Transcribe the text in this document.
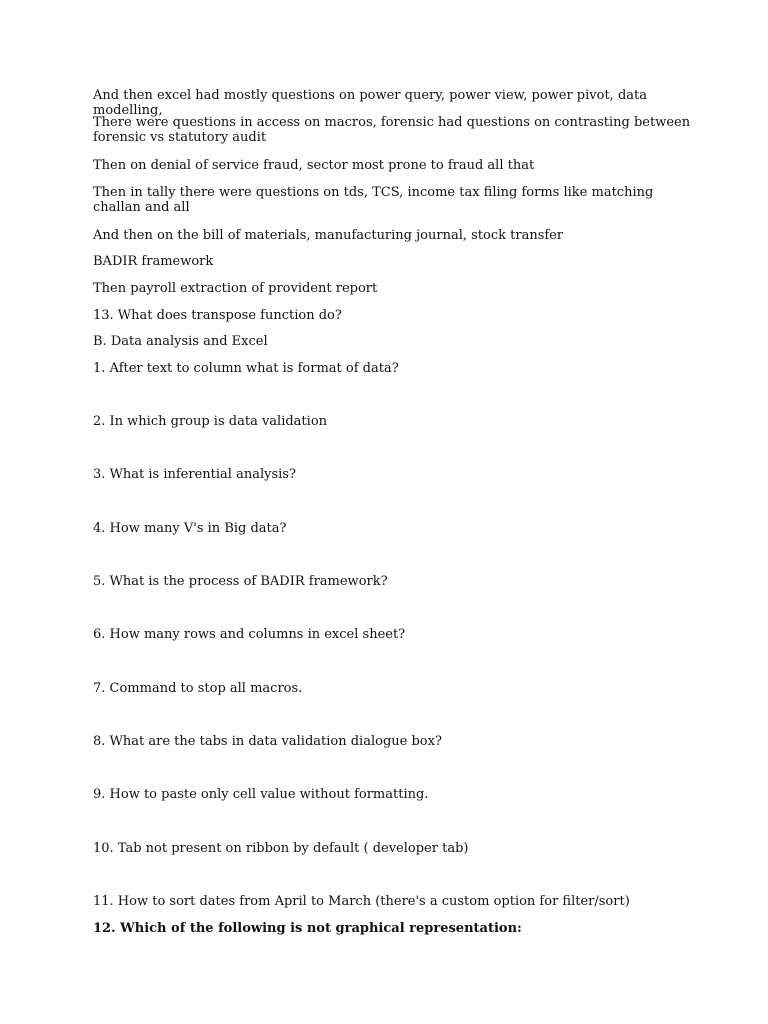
And then excel had mostly questions on power query, power view, power pivot, data modelling,
There were questions in access on macros, forensic had questions on contrasting between forensic vs statutory audit
Then on denial of service fraud, sector most prone to fraud all that
Then in tally there were questions on tds, TCS, income tax filing forms like matching challan and all
And then on the bill of materials, manufacturing journal, stock transfer
BADIR framework
Then payroll extraction of provident report
13. What does transpose function do?
B. Data analysis and Excel
1. After text to column what is format of data?
2. In which group is data validation
3. What is inferential analysis?
4. How many V's in Big data?
5. What is the process of BADIR framework?
6. How many rows and columns in excel sheet?
7. Command to stop all macros.
8. What are the tabs in data validation dialogue box?
9. How to paste only cell value without formatting.
10. Tab not present on ribbon by default ( developer tab)
11. How to sort dates from April to March (there's a custom option for filter/sort)
12. Which of the following is not graphical representation:
